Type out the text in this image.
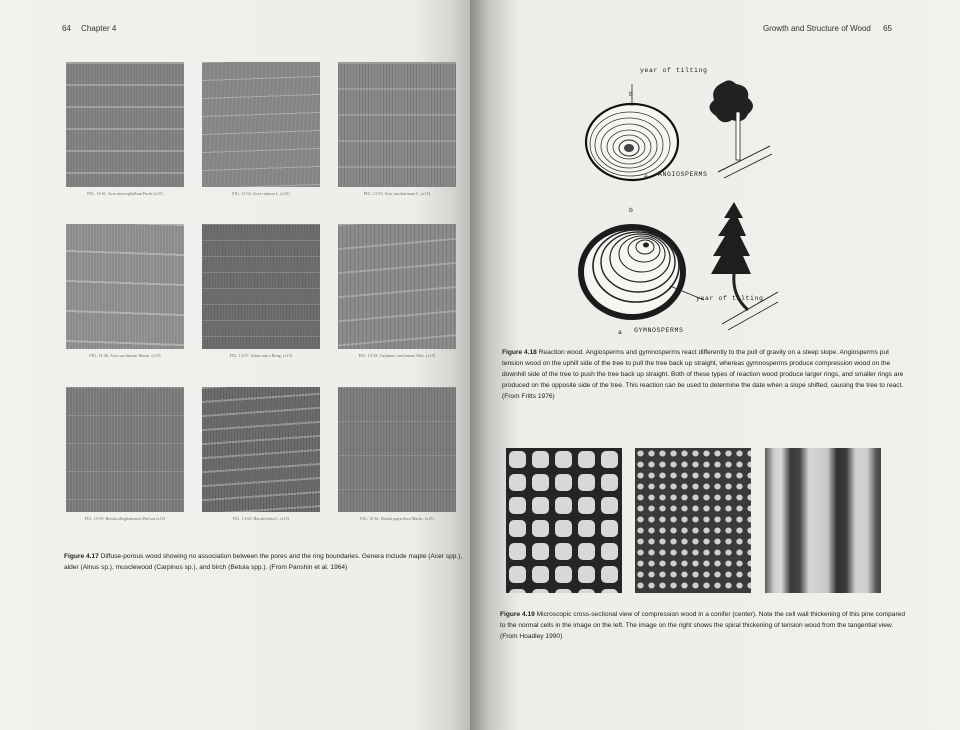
64 Chapter 4
FIG. 13-61. Acer macrophyllum Pursh (x15)	FIG. 13-52. Acer rubrum L. (x15)	FIG. 13-53. Acer saccharinum L. (x15)
FIG. 13-56. Acer saccharum Marsh. (x15)	FIG. 13-57. Alnus rubra Bong. (x15)	FIG. 13-58. Carpinus caroliniana Walt. (x15)
FIG. 13-59. Betula alleghaniensis Britton (x15)	FIG. 13-60. Betula lenta L. (x15)	FIG. 13-61. Betula papyrifera Marsh. (x15)
Figure 4.17 Diffuse-porous wood showing no association between the pores and the ring boundaries. Genera include maple (Acer spp.), alder (Alnus sp.), musclewood (Carpinus sp.), and birch (Betula spp.). (From Panshin et al. 1964)
Growth and Structure of Wood 65
year of tilting
b
a ANGIOSPERMS
b
year of tilting
a GYMNOSPERMS
Figure 4.18 Reaction wood. Angiosperms and gymnosperms react differently to the pull of gravity on a steep slope. Angiosperms put tension wood on the uphill side of the tree to pull the tree back up straight, whereas gymnosperms produce compression wood on the downhill side of the tree to push the tree back up straight. Both of these types of reaction wood produce larger rings, and smaller rings are produced on the opposite side of the tree. This reaction can be used to determine the date when a slope shifted, causing the tree to react. (From Fritts 1976)
Figure 4.19 Microscopic cross-sectional view of compression wood in a conifer (center). Note the cell wall thickening of this pine compared to the normal cells in the image on the left. The image on the right shows the spiral thickening of tension wood from the tangential view. (From Hoadley 1990)
